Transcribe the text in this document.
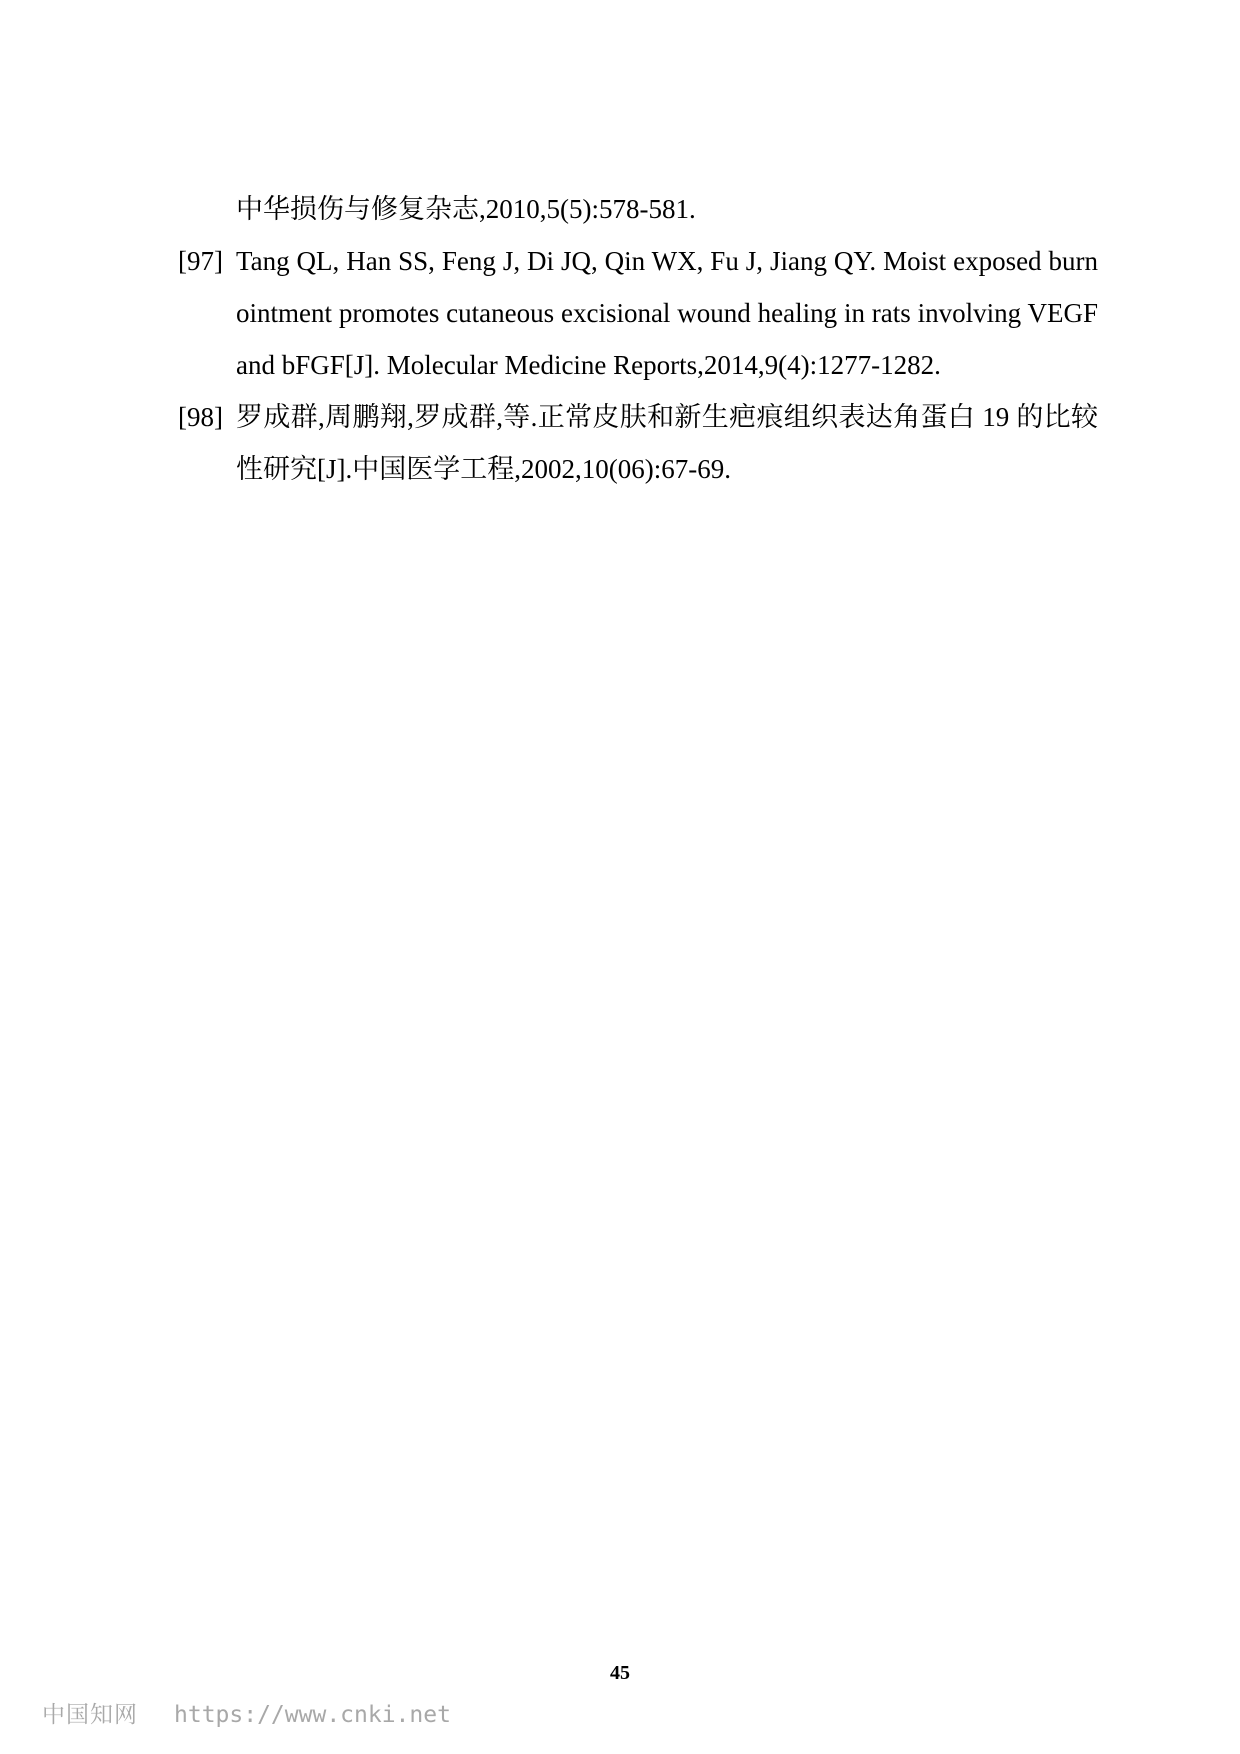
中华损伤与修复杂志,2010,5(5):578-581.
[97] Tang QL, Han SS, Feng J, Di JQ, Qin WX, Fu J, Jiang QY. Moist exposed burn ointment promotes cutaneous excisional wound healing in rats involving VEGF and bFGF[J]. Molecular Medicine Reports,2014,9(4):1277-1282.
[98] 罗成群,周鹏翔,罗成群,等.正常皮肤和新生疤痕组织表达角蛋白 19 的比较性研究[J].中国医学工程,2002,10(06):67-69.
45
中国知网 https://www.cnki.net
